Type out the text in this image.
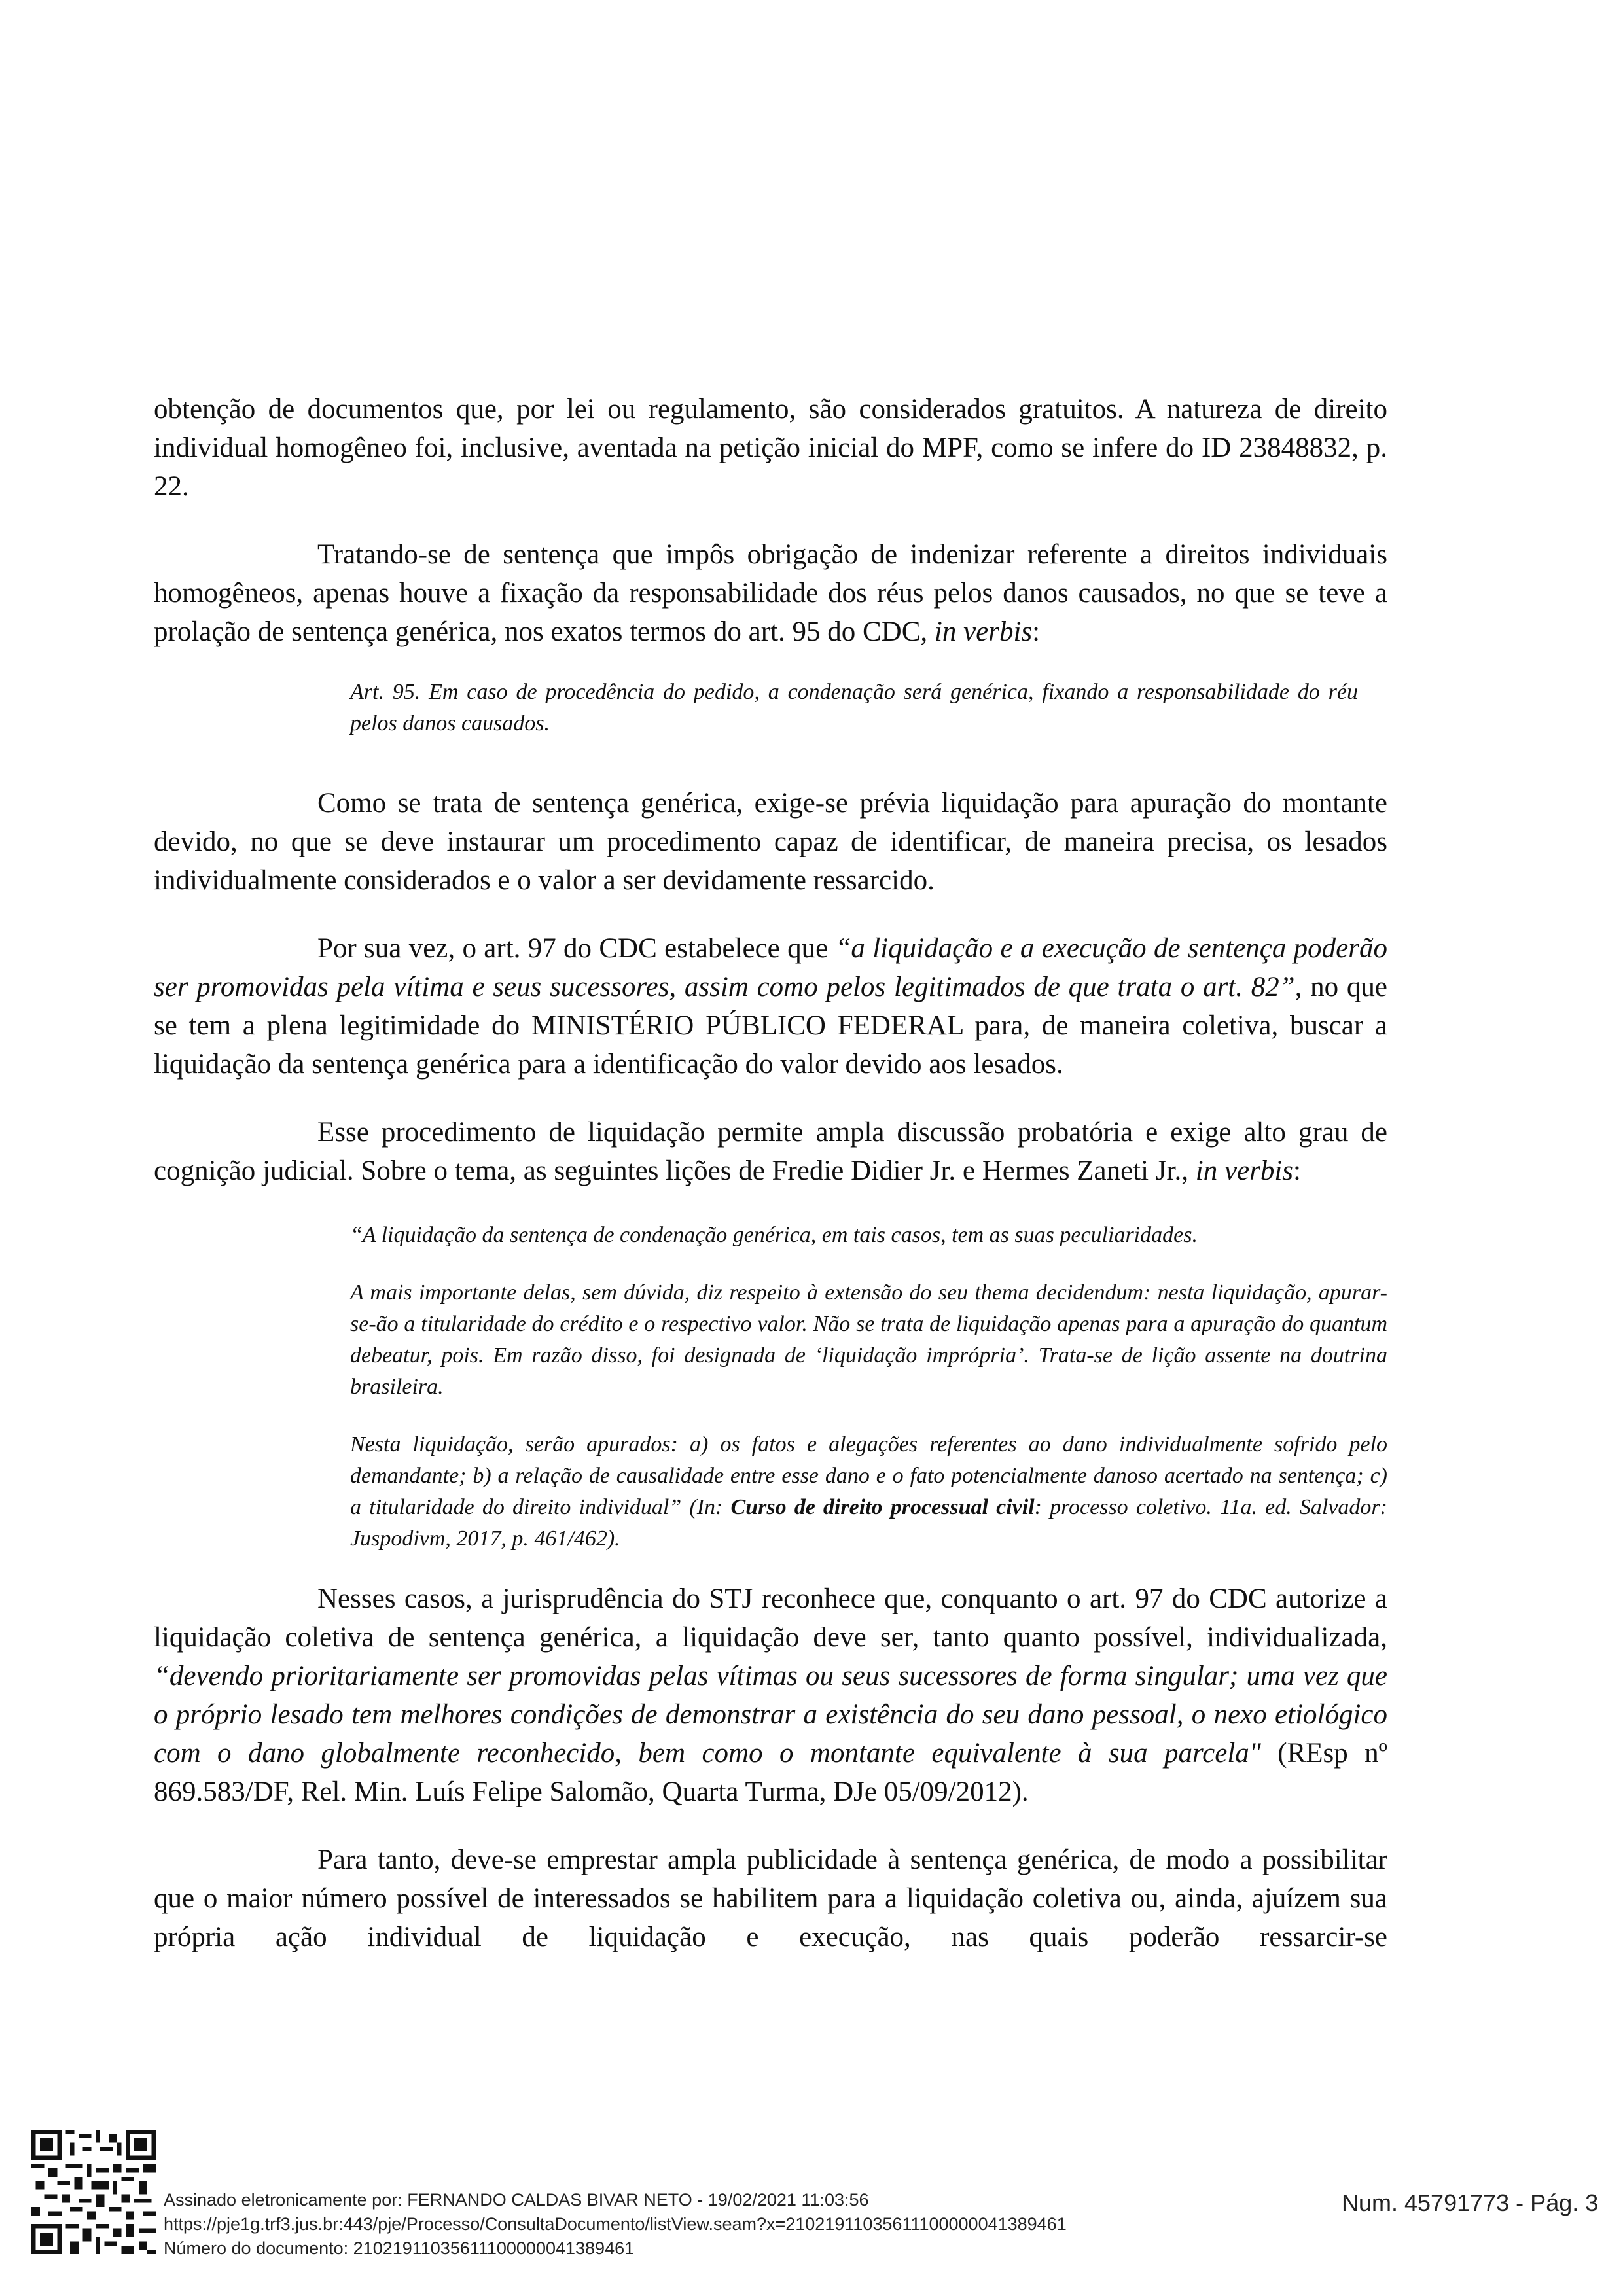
obtenção de documentos que, por lei ou regulamento, são considerados gratuitos. A natureza de direito individual homogêneo foi, inclusive, aventada na petição inicial do MPF, como se infere do ID 23848832, p. 22.

Tratando-se de sentença que impôs obrigação de indenizar referente a direitos individuais homogêneos, apenas houve a fixação da responsabilidade dos réus pelos danos causados, no que se teve a prolação de sentença genérica, nos exatos termos do art. 95 do CDC, in verbis:

Art. 95. Em caso de procedência do pedido, a condenação será genérica, fixando a responsabilidade do réu pelos danos causados.

Como se trata de sentença genérica, exige-se prévia liquidação para apuração do montante devido, no que se deve instaurar um procedimento capaz de identificar, de maneira precisa, os lesados individualmente considerados e o valor a ser devidamente ressarcido.

Por sua vez, o art. 97 do CDC estabelece que “a liquidação e a execução de sentença poderão ser promovidas pela vítima e seus sucessores, assim como pelos legitimados de que trata o art. 82”, no que se tem a plena legitimidade do MINISTÉRIO PÚBLICO FEDERAL para, de maneira coletiva, buscar a liquidação da sentença genérica para a identificação do valor devido aos lesados.

Esse procedimento de liquidação permite ampla discussão probatória e exige alto grau de cognição judicial. Sobre o tema, as seguintes lições de Fredie Didier Jr. e Hermes Zaneti Jr., in verbis:

“A liquidação da sentença de condenação genérica, em tais casos, tem as suas peculiaridades.

A mais importante delas, sem dúvida, diz respeito à extensão do seu thema decidendum: nesta liquidação, apurar-se-ão a titularidade do crédito e o respectivo valor. Não se trata de liquidação apenas para a apuração do quantum debeatur, pois. Em razão disso, foi designada de ‘liquidação imprópria’. Trata-se de lição assente na doutrina brasileira.

Nesta liquidação, serão apurados: a) os fatos e alegações referentes ao dano individualmente sofrido pelo demandante; b) a relação de causalidade entre esse dano e o fato potencialmente danoso acertado na sentença; c) a titularidade do direito individual” (In: Curso de direito processual civil: processo coletivo. 11a. ed. Salvador: Juspodivm, 2017, p. 461/462).

Nesses casos, a jurisprudência do STJ reconhece que, conquanto o art. 97 do CDC autorize a liquidação coletiva de sentença genérica, a liquidação deve ser, tanto quanto possível, individualizada, “devendo prioritariamente ser promovidas pelas vítimas ou seus sucessores de forma singular; uma vez que o próprio lesado tem melhores condições de demonstrar a existência do seu dano pessoal, o nexo etiológico com o dano globalmente reconhecido, bem como o montante equivalente à sua parcela" (REsp nº 869.583/DF, Rel. Min. Luís Felipe Salomão, Quarta Turma, DJe 05/09/2012).

Para tanto, deve-se emprestar ampla publicidade à sentença genérica, de modo a possibilitar que o maior número possível de interessados se habilitem para a liquidação coletiva ou, ainda, ajuízem sua própria ação individual de liquidação e execução, nas quais poderão ressarcir-se

Assinado eletronicamente por: FERNANDO CALDAS BIVAR NETO - 19/02/2021 11:03:56
https://pje1g.trf3.jus.br:443/pje/Processo/ConsultaDocumento/listView.seam?x=21021911035611100000041389461
Número do documento: 21021911035611100000041389461
Num. 45791773 - Pág. 3
